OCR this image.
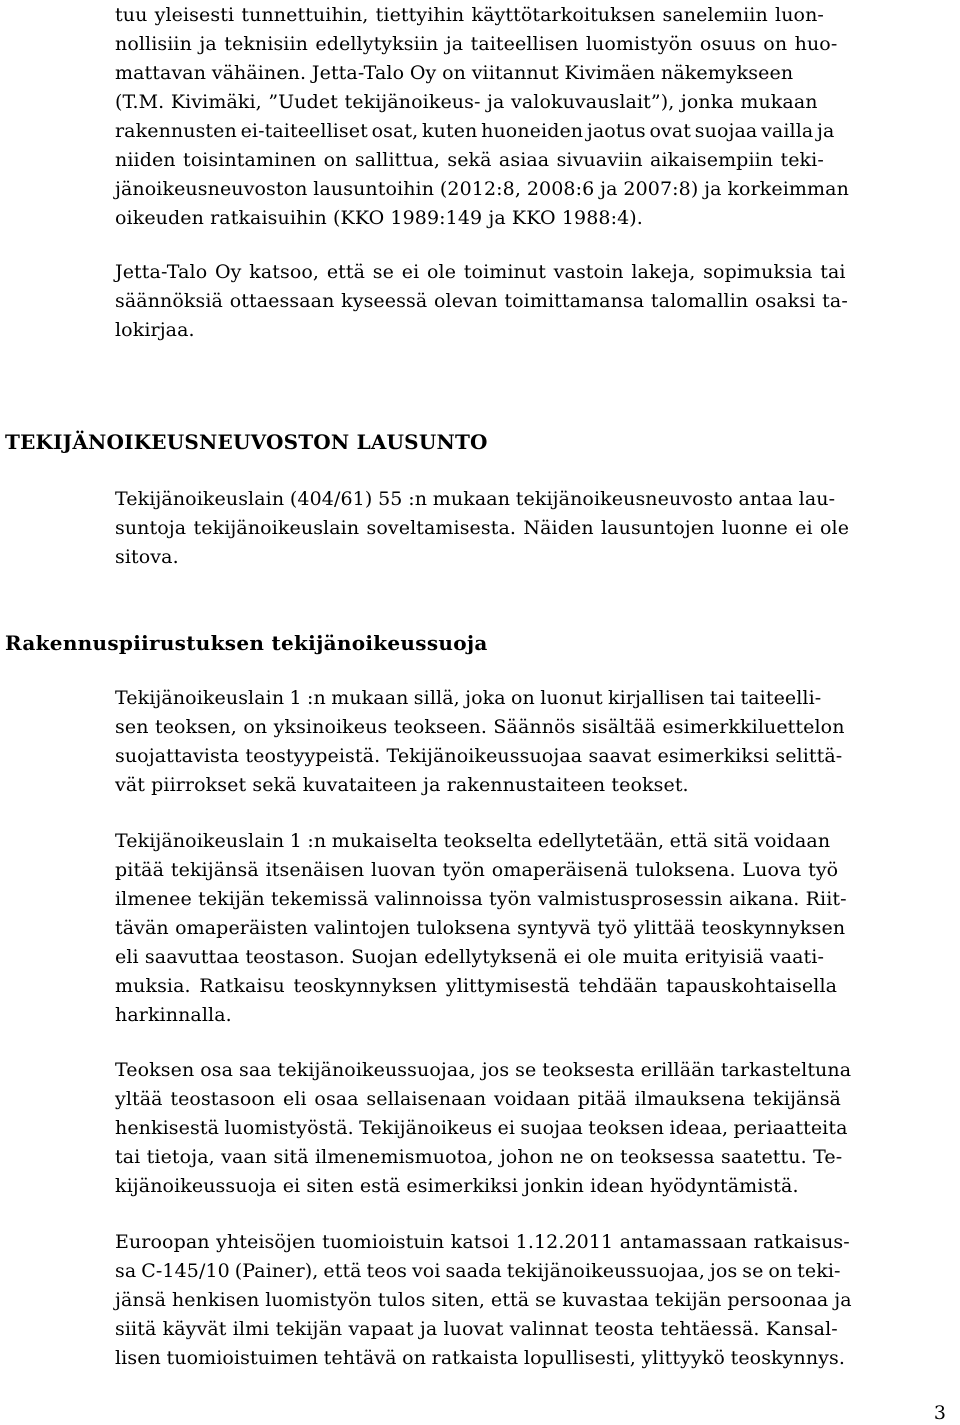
tuu yleisesti tunnettuihin, tiettyihin käyttötarkoituksen sanelemiin luon-
nollisiin ja teknisiin edellytyksiin ja taiteellisen luomistyön osuus on huo-
mattavan vähäinen. Jetta-Talo Oy on viitannut Kivimäen näkemykseen
(T.M. Kivimäki, ”Uudet tekijänoikeus- ja valokuvauslait”), jonka mukaan
rakennusten ei-taiteelliset osat, kuten huoneiden jaotus ovat suojaa vailla ja
niiden toisintaminen on sallittua, sekä asiaa sivuaviin aikaisempiin teki-
jänoikeusneuvoston lausuntoihin (2012:8, 2008:6 ja 2007:8) ja korkeimman
oikeuden ratkaisuihin (KKO 1989:149 ja KKO 1988:4).
Jetta-Talo Oy katsoo, että se ei ole toiminut vastoin lakeja, sopimuksia tai
säännöksiä ottaessaan kyseessä olevan toimittamansa talomallin osaksi ta-
lokirjaa.
TEKIJÄNOIKEUSNEUVOSTON LAUSUNTO
Tekijänoikeuslain (404/61) 55 :n mukaan tekijänoikeusneuvosto antaa lau-
suntoja tekijänoikeuslain soveltamisesta. Näiden lausuntojen luonne ei ole
sitova.
Rakennuspiirustuksen tekijänoikeussuoja
Tekijänoikeuslain 1 :n mukaan sillä, joka on luonut kirjallisen tai taiteelli-
sen teoksen, on yksinoikeus teokseen. Säännös sisältää esimerkkiluettelon
suojattavista teostyypeistä. Tekijänoikeussuojaa saavat esimerkiksi selittä-
vät piirrokset sekä kuvataiteen ja rakennustaiteen teokset.
Tekijänoikeuslain 1 :n mukaiselta teokselta edellytetään, että sitä voidaan
pitää tekijänsä itsenäisen luovan työn omaperäisenä tuloksena. Luova työ
ilmenee tekijän tekemissä valinnoissa työn valmistusprosessin aikana. Riit-
tävän omaperäisten valintojen tuloksena syntyvä työ ylittää teoskynnyksen
eli saavuttaa teostason. Suojan edellytyksenä ei ole muita erityisiä vaati-
muksia. Ratkaisu teoskynnyksen ylittymisestä tehdään tapauskohtaisella
harkinnalla.
Teoksen osa saa tekijänoikeussuojaa, jos se teoksesta erillään tarkasteltuna
yltää teostasoon eli osaa sellaisenaan voidaan pitää ilmauksena tekijänsä
henkisestä luomistyöstä. Tekijänoikeus ei suojaa teoksen ideaa, periaatteita
tai tietoja, vaan sitä ilmenemismuotoa, johon ne on teoksessa saatettu. Te-
kijänoikeussuoja ei siten estä esimerkiksi jonkin idean hyödyntämistä.
Euroopan yhteisöjen tuomioistuin katsoi 1.12.2011 antamassaan ratkaisus-
sa C-145/10 (Painer), että teos voi saada tekijänoikeussuojaa, jos se on teki-
jänsä henkisen luomistyön tulos siten, että se kuvastaa tekijän persoonaa ja
siitä käyvät ilmi tekijän vapaat ja luovat valinnat teosta tehtäessä. Kansal-
lisen tuomioistuimen tehtävä on ratkaista lopullisesti, ylittyykö teoskynnys.
3
